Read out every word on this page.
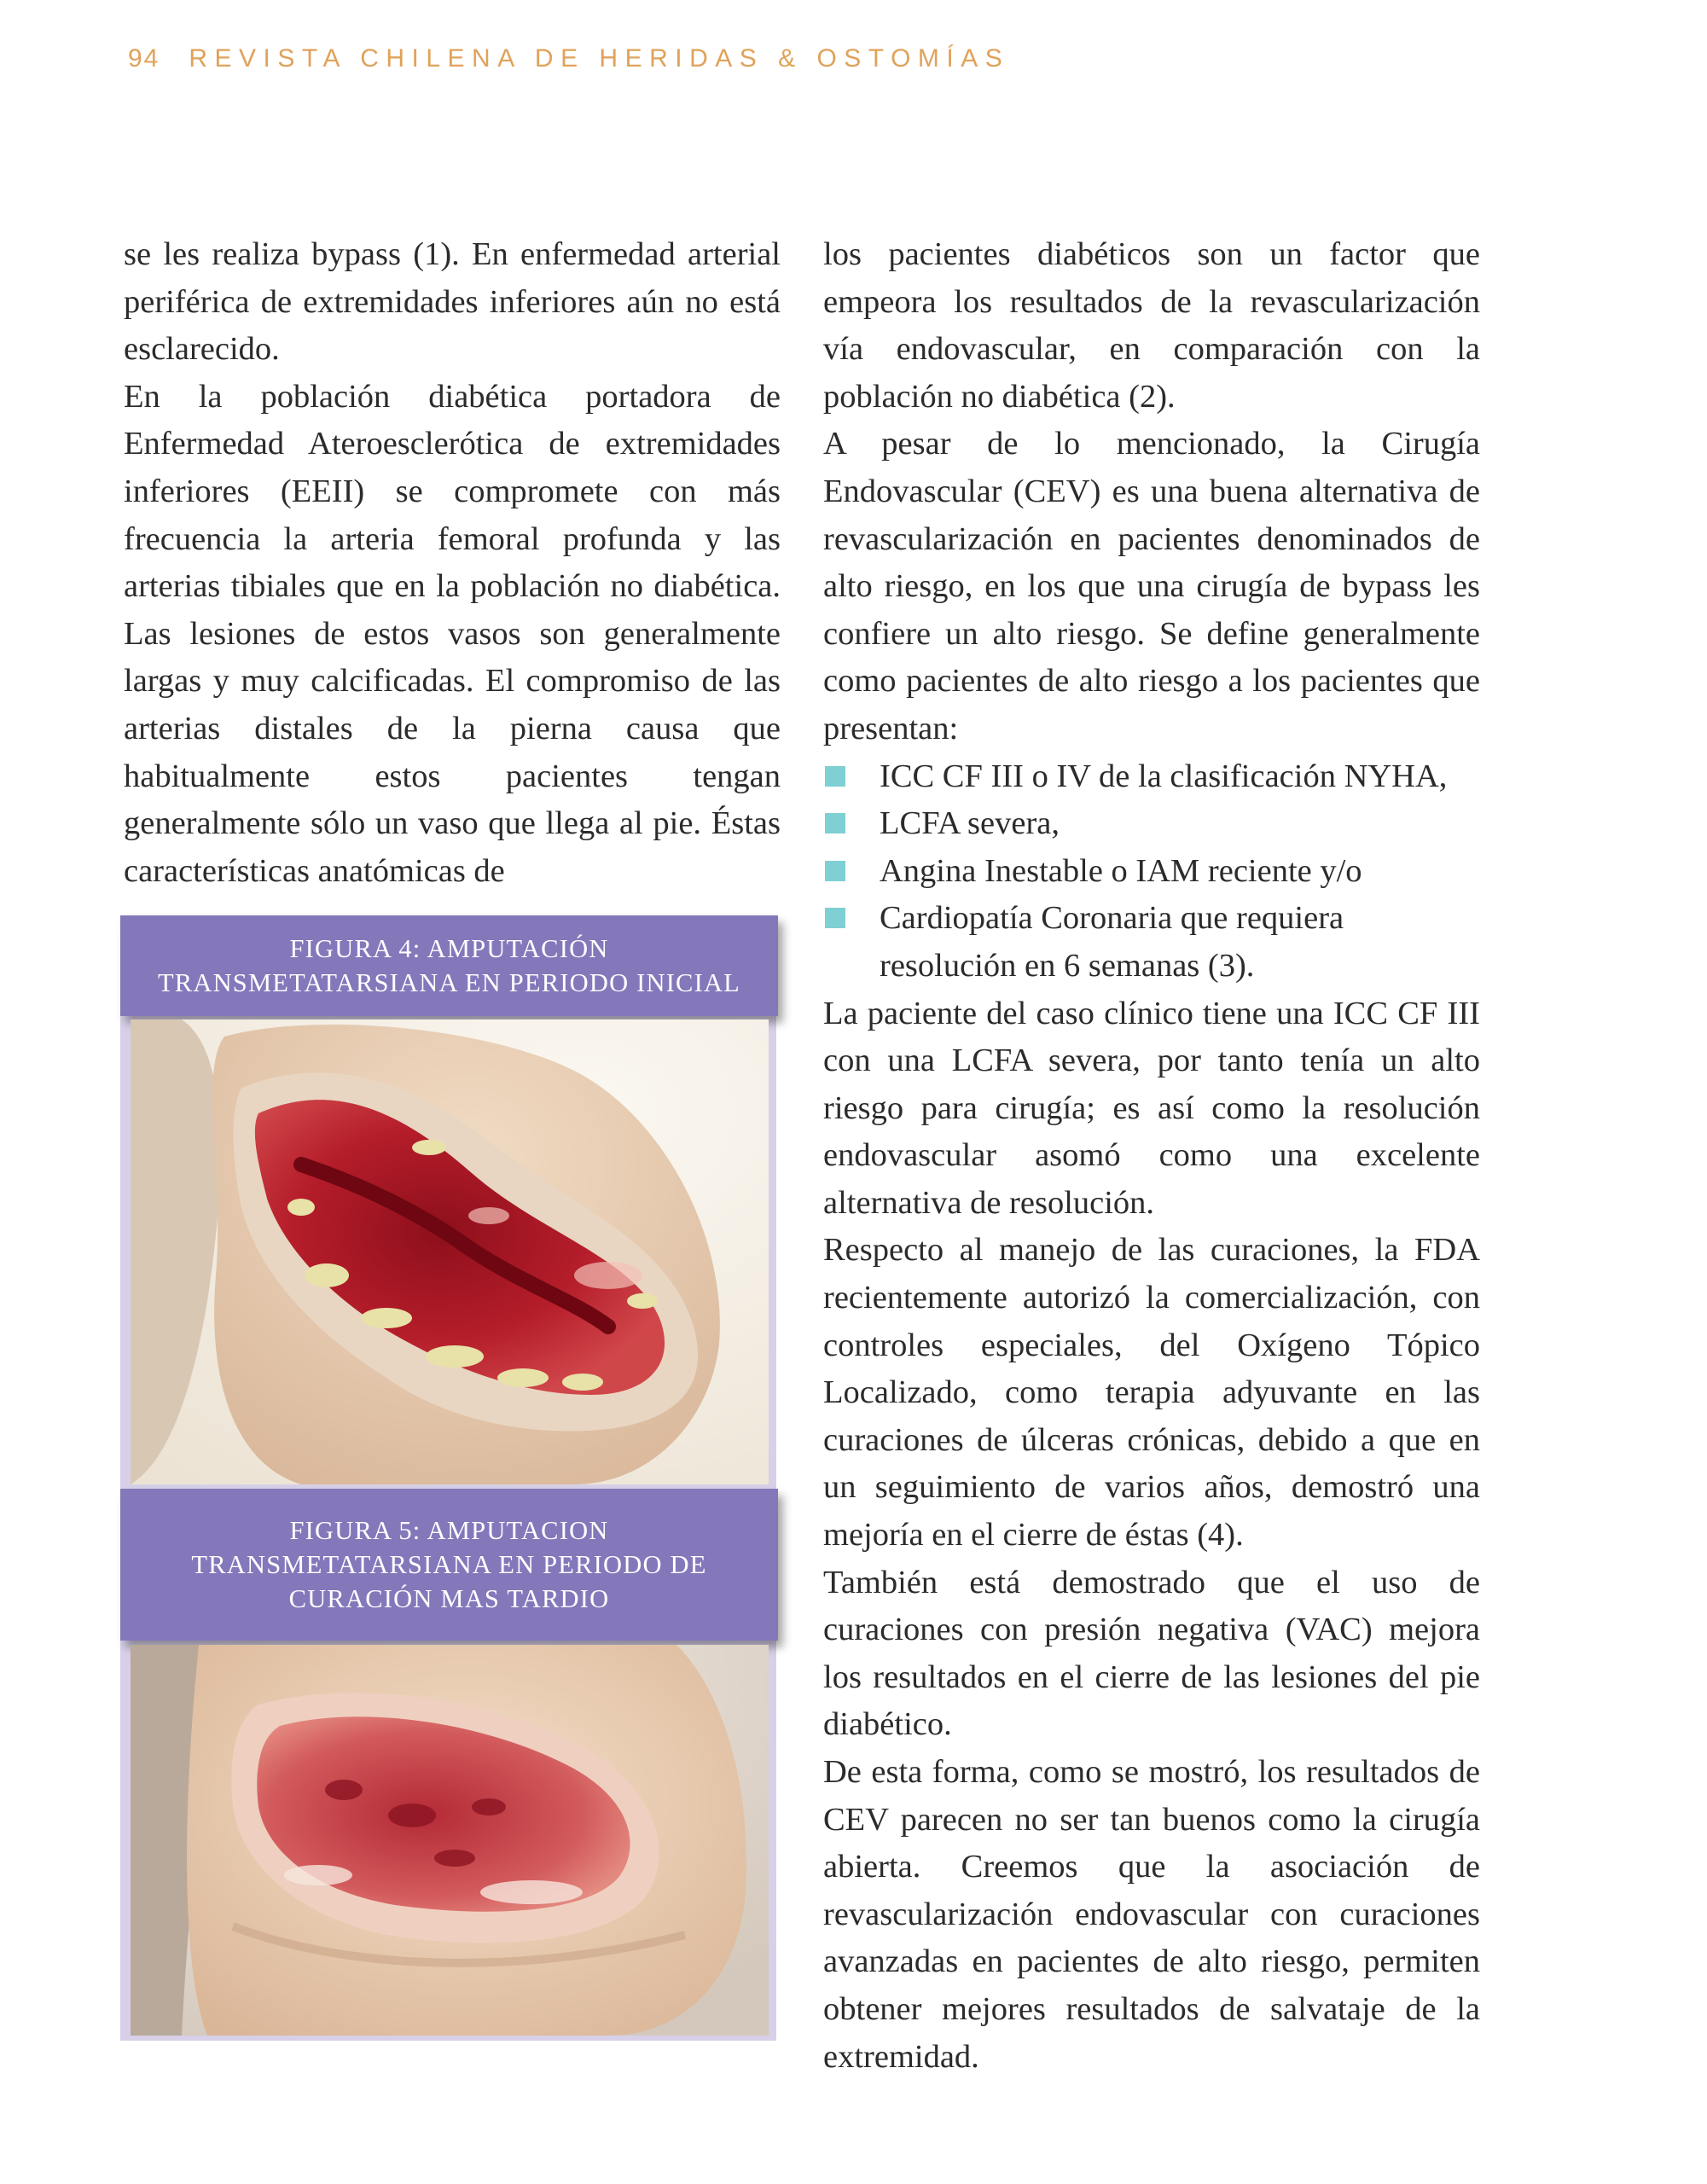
94 REVISTA CHILENA DE HERIDAS & OSTOMÍAS

se les realiza bypass (1). En enfermedad arterial periférica de extremidades inferiores aún no está esclarecido.

En la población diabética portadora de Enfermedad Ateroesclerótica de extremidades inferiores (EEII) se compromete con más frecuencia la arteria femoral profunda y las arterias tibiales que en la población no diabética. Las lesiones de estos vasos son generalmente largas y muy calcificadas. El compromiso de las arterias distales de la pierna causa que habitualmente estos pacientes tengan generalmente sólo un vaso que llega al pie. Éstas características anatómicas de

FIGURA 4: AMPUTACIÓN
TRANSMETATARSIANA EN PERIODO INICIAL
FIGURA 5: AMPUTACION
TRANSMETATARSIANA EN PERIODO DE
CURACIÓN MAS TARDIO

los pacientes diabéticos son un factor que empeora los resultados de la revascularización vía endovascular, en comparación con la población no diabética (2).

A pesar de lo mencionado, la Cirugía Endovascular (CEV) es una buena alternativa de revascularización en pacientes denominados de alto riesgo, en los que una cirugía de bypass les confiere un alto riesgo. Se define generalmente como pacientes de alto riesgo a los pacientes que presentan:

ICC CF III o IV de la clasificación NYHA,
LCFA severa,
Angina Inestable o IAM reciente y/o
Cardiopatía Coronaria que requiera resolución en 6 semanas (3).

La paciente del caso clínico tiene una ICC CF III con una LCFA severa, por tanto tenía un alto riesgo para cirugía; es así como la resolución endovascular asomó como una excelente alternativa de resolución.

Respecto al manejo de las curaciones, la FDA recientemente autorizó la comercialización, con controles especiales, del Oxígeno Tópico Localizado, como terapia adyuvante en las curaciones de úlceras crónicas, debido a que en un seguimiento de varios años, demostró una mejoría en el cierre de éstas (4).

También está demostrado que el uso de curaciones con presión negativa (VAC) mejora los resultados en el cierre de las lesiones del pie diabético.

De esta forma, como se mostró, los resultados de CEV parecen no ser tan buenos como la cirugía abierta. Creemos que la asociación de revascularización endovascular con curaciones avanzadas en pacientes de alto riesgo, permiten obtener mejores resultados de salvataje de la extremidad.
